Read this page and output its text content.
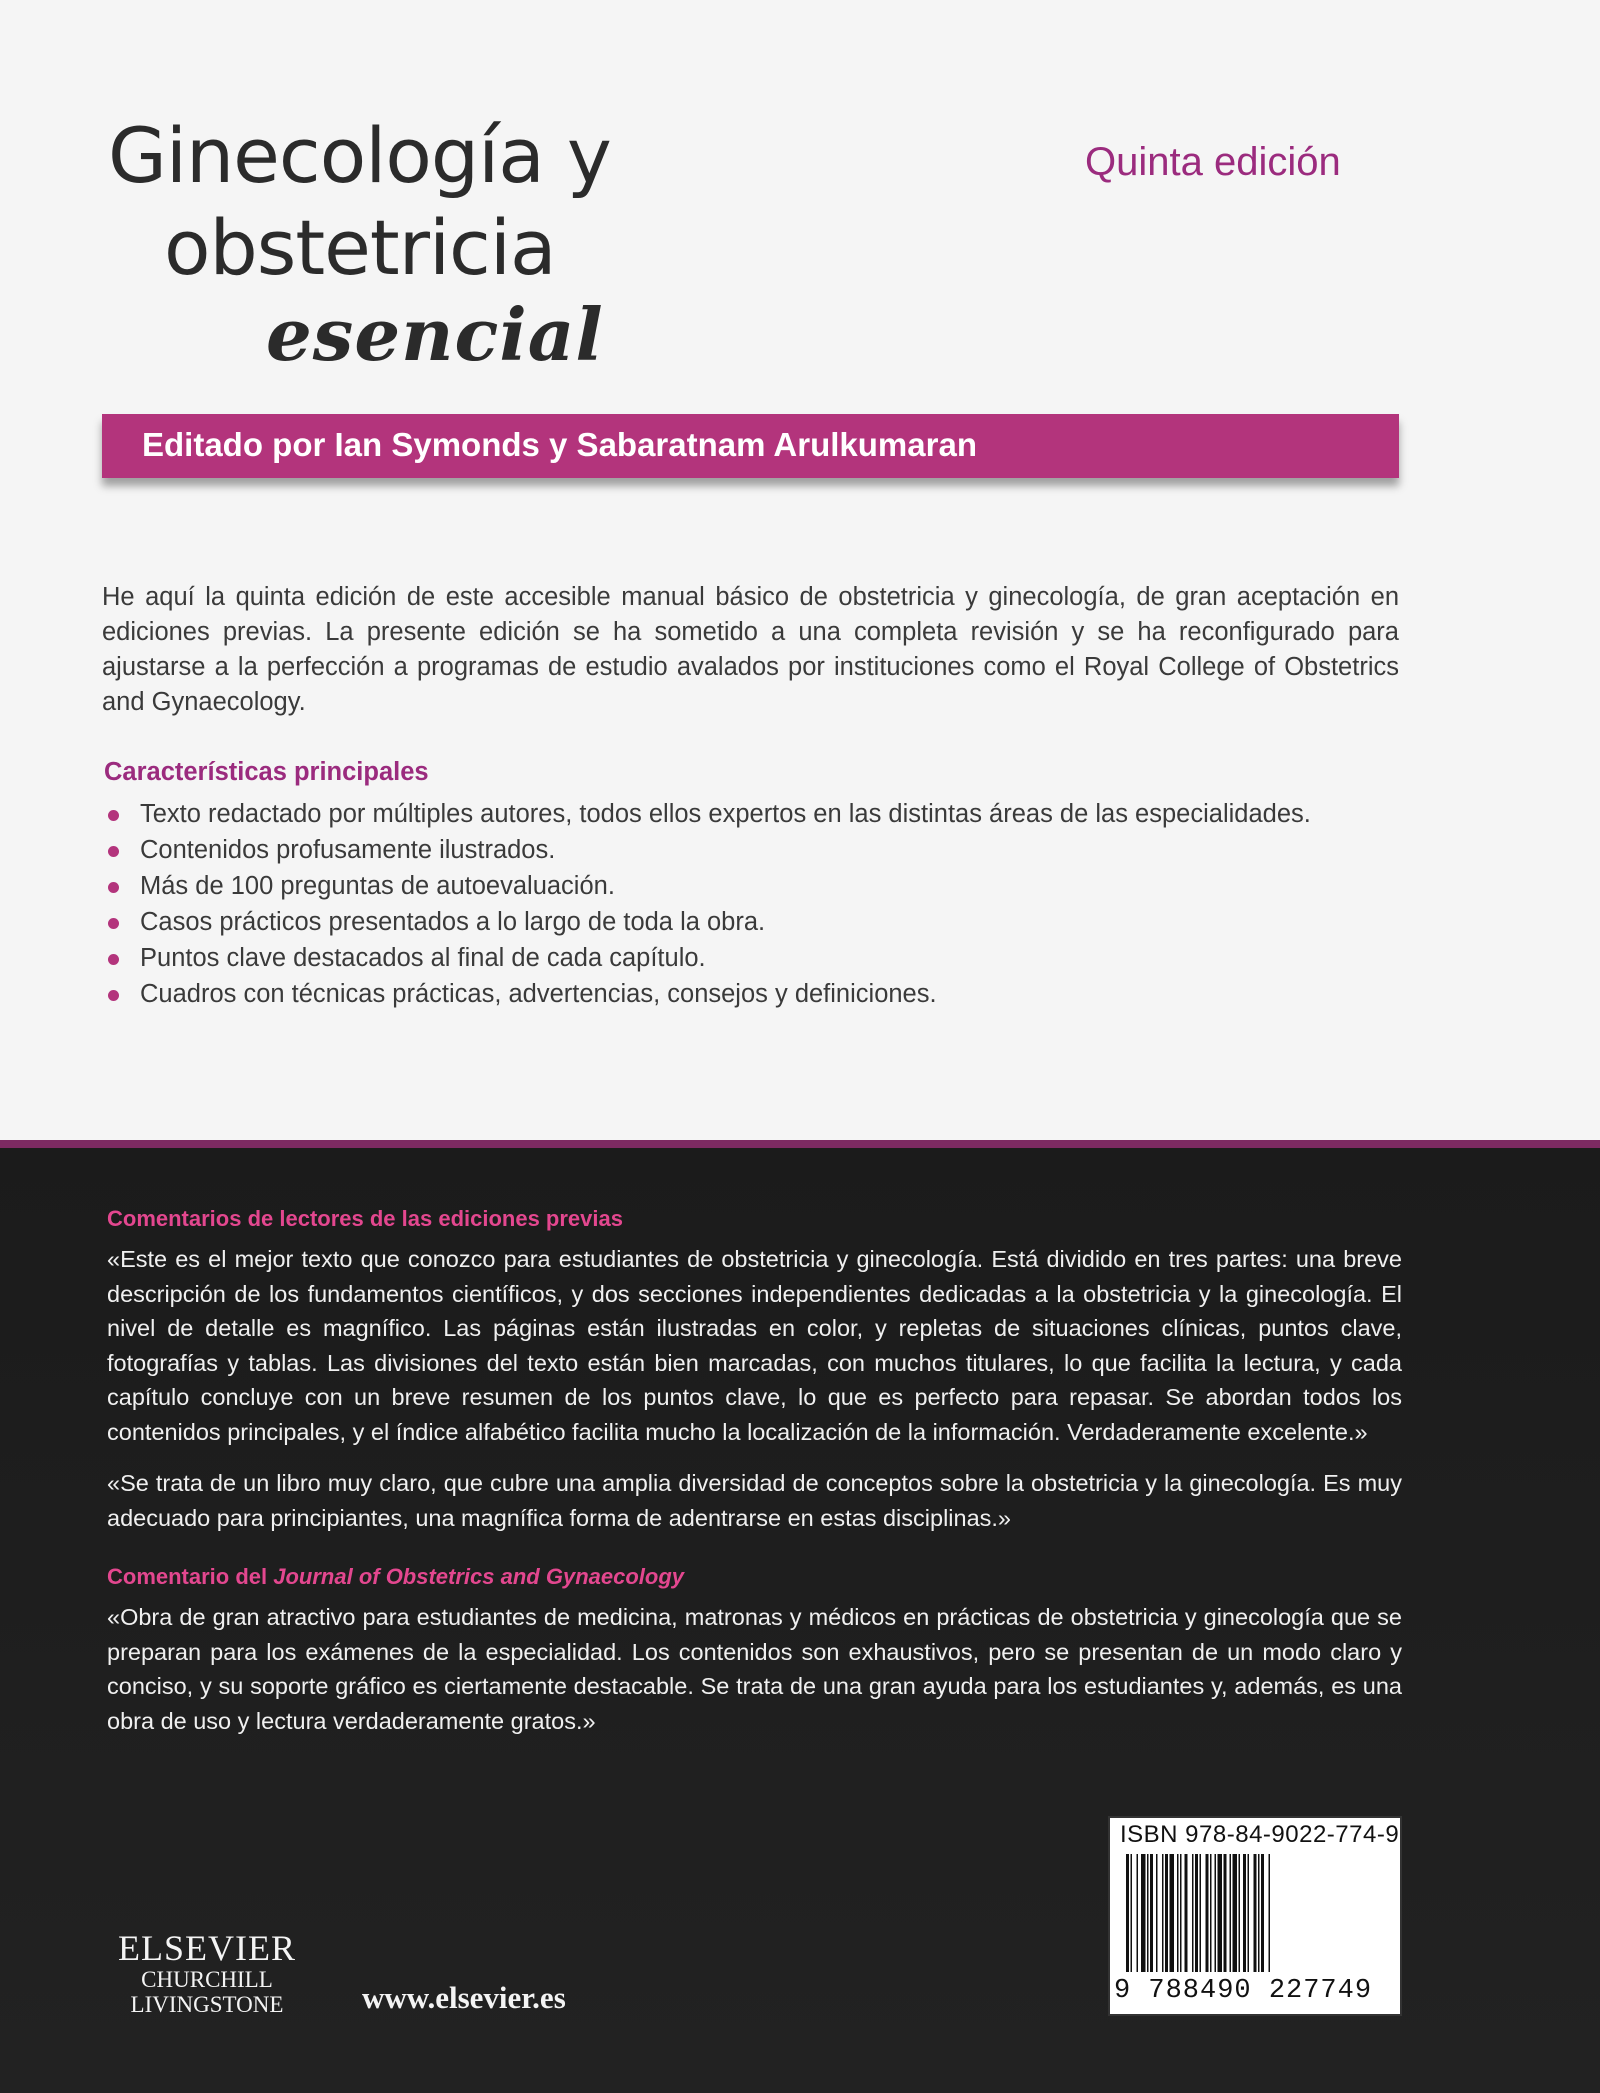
Ginecología y
obstetricia
esencial
Quinta edición
Editado por Ian Symonds y Sabaratnam Arulkumaran
He aquí la quinta edición de este accesible manual básico de obstetricia y ginecología, de gran aceptación en ediciones previas. La presente edición se ha sometido a una completa revisión y se ha reconfigurado para ajustarse a la perfección a programas de estudio avalados por instituciones como el Royal College of Obstetrics and Gynaecology.
Características principales
Texto redactado por múltiples autores, todos ellos expertos en las distintas áreas de las especialidades.
Contenidos profusamente ilustrados.
Más de 100 preguntas de autoevaluación.
Casos prácticos presentados a lo largo de toda la obra.
Puntos clave destacados al final de cada capítulo.
Cuadros con técnicas prácticas, advertencias, consejos y definiciones.
Comentarios de lectores de las ediciones previas
«Este es el mejor texto que conozco para estudiantes de obstetricia y ginecología. Está dividido en tres partes: una breve descripción de los fundamentos científicos, y dos secciones independientes dedicadas a la obstetricia y la ginecología. El nivel de detalle es magnífico. Las páginas están ilustradas en color, y repletas de situaciones clínicas, puntos clave, fotografías y tablas. Las divisiones del texto están bien marcadas, con muchos titulares, lo que facilita la lectura, y cada capítulo concluye con un breve resumen de los puntos clave, lo que es perfecto para repasar. Se abordan todos los contenidos principales, y el índice alfabético facilita mucho la localización de la información. Verdaderamente excelente.»
«Se trata de un libro muy claro, que cubre una amplia diversidad de conceptos sobre la obstetricia y la ginecología. Es muy adecuado para principiantes, una magnífica forma de adentrarse en estas disciplinas.»
Comentario del Journal of Obstetrics and Gynaecology
«Obra de gran atractivo para estudiantes de medicina, matronas y médicos en prácticas de obstetricia y ginecología que se preparan para los exámenes de la especialidad. Los contenidos son exhaustivos, pero se presentan de un modo claro y conciso, y su soporte gráfico es ciertamente destacable. Se trata de una gran ayuda para los estudiantes y, además, es una obra de uso y lectura verdaderamente gratos.»
ISBN 978-84-9022-774-9
9 788490 227749
ELSEVIER
CHURCHILL
LIVINGSTONE	www.elsevier.es
